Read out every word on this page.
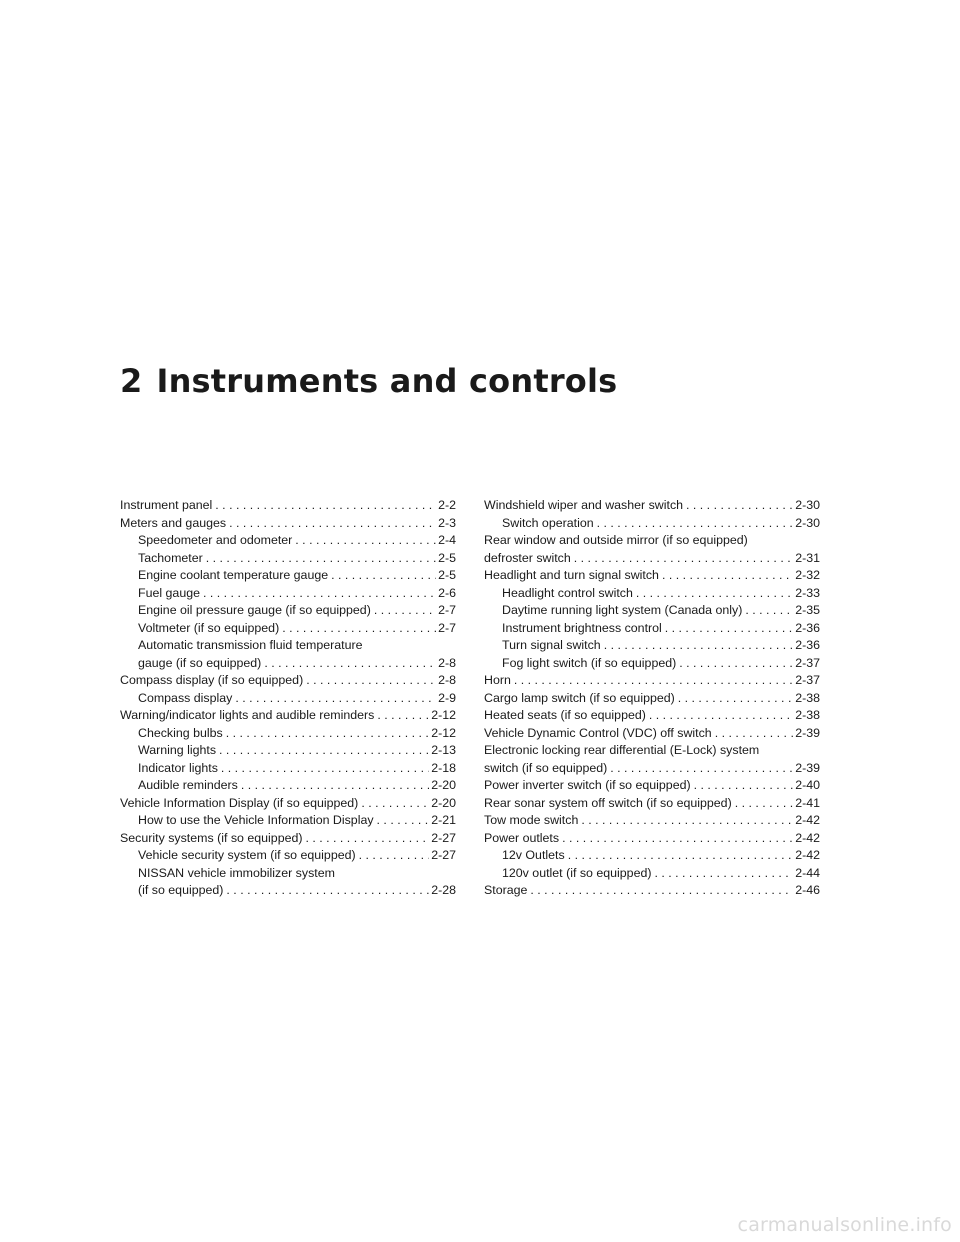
2 Instruments and controls
Instrument panel . . .	2-2
Meters and gauges . . .	2-3
Speedometer and odometer . . .	2-4
Tachometer . . .	2-5
Engine coolant temperature gauge . . .	2-5
Fuel gauge . . .	2-6
Engine oil pressure gauge (if so equipped) . . .	2-7
Voltmeter (if so equipped) . . .	2-7
Automatic transmission fluid temperature
gauge (if so equipped) . . .	2-8
Compass display (if so equipped) . . .	2-8
Compass display . . .	2-9
Warning/indicator lights and audible reminders . . .	2-12
Checking bulbs . . .	2-12
Warning lights . . .	2-13
Indicator lights . . .	2-18
Audible reminders . . .	2-20
Vehicle Information Display (if so equipped) . . .	2-20
How to use the Vehicle Information Display . . .	2-21
Security systems (if so equipped) . . .	2-27
Vehicle security system (if so equipped) . . .	2-27
NISSAN vehicle immobilizer system
(if so equipped) . . .	2-28
Windshield wiper and washer switch . . .	2-30
Switch operation . . .	2-30
Rear window and outside mirror (if so equipped)
defroster switch . . .	2-31
Headlight and turn signal switch . . .	2-32
Headlight control switch . . .	2-33
Daytime running light system (Canada only) . . .	2-35
Instrument brightness control . . .	2-36
Turn signal switch . . .	2-36
Fog light switch (if so equipped) . . .	2-37
Horn . . .	2-37
Cargo lamp switch (if so equipped) . . .	2-38
Heated seats (if so equipped) . . .	2-38
Vehicle Dynamic Control (VDC) off switch . . .	2-39
Electronic locking rear differential (E-Lock) system
switch (if so equipped) . . .	2-39
Power inverter switch (if so equipped) . . .	2-40
Rear sonar system off switch (if so equipped) . . .	2-41
Tow mode switch . . .	2-42
Power outlets . . .	2-42
12v Outlets . . .	2-42
120v outlet (if so equipped) . . .	2-44
Storage . . .	2-46
carmanualsonline.info
